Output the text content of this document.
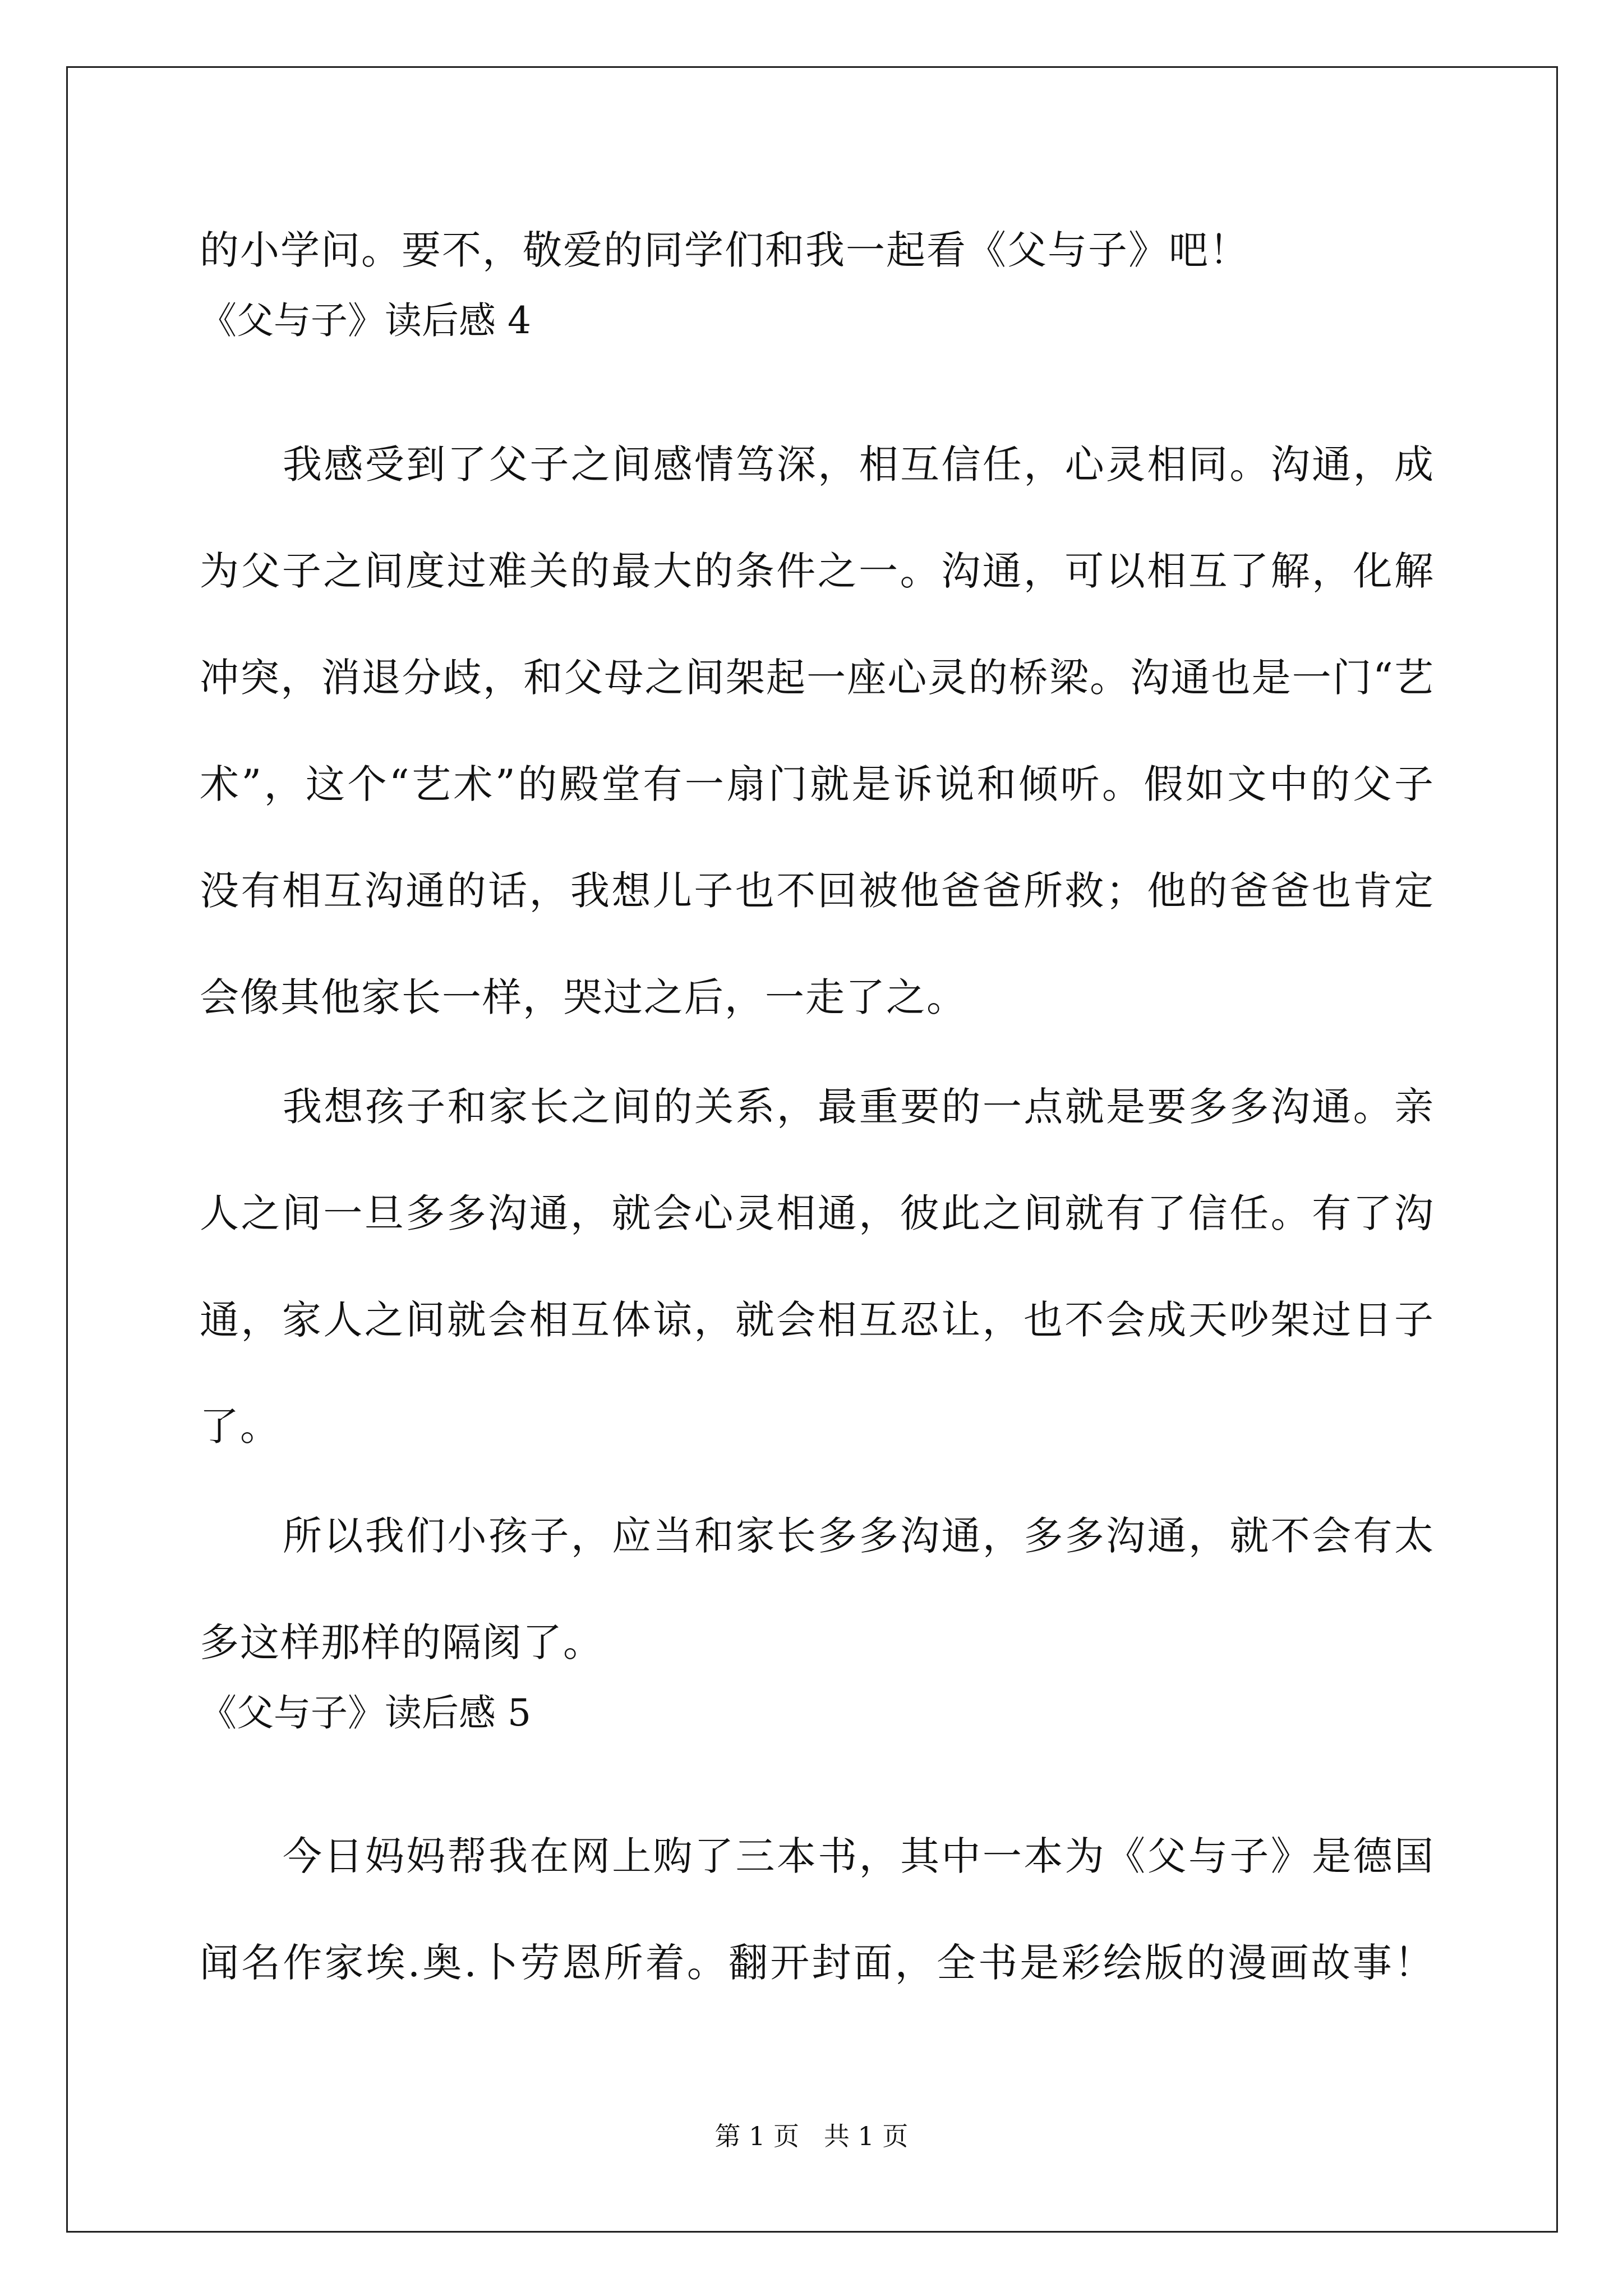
的小学问。要不，敬爱的同学们和我一起看《父与子》吧！
《父与子》读后感 4
我感受到了父子之间感情笃深，相互信任，心灵相同。沟通，成
为父子之间度过难关的最大的条件之一。沟通，可以相互了解，化解
冲突，消退分歧，和父母之间架起一座心灵的桥梁。沟通也是一门“艺
术”，这个“艺术”的殿堂有一扇门就是诉说和倾听。假如文中的父子
没有相互沟通的话，我想儿子也不回被他爸爸所救；他的爸爸也肯定
会像其他家长一样，哭过之后，一走了之。
我想孩子和家长之间的关系，最重要的一点就是要多多沟通。亲
人之间一旦多多沟通，就会心灵相通，彼此之间就有了信任。有了沟
通，家人之间就会相互体谅，就会相互忍让，也不会成天吵架过日子
了。
所以我们小孩子，应当和家长多多沟通，多多沟通，就不会有太
多这样那样的隔阂了。
《父与子》读后感 5
今日妈妈帮我在网上购了三本书，其中一本为《父与子》是德国
闻名作家埃.奥.卜劳恩所着。翻开封面，全书是彩绘版的漫画故事！
第 1 页   共 1 页
